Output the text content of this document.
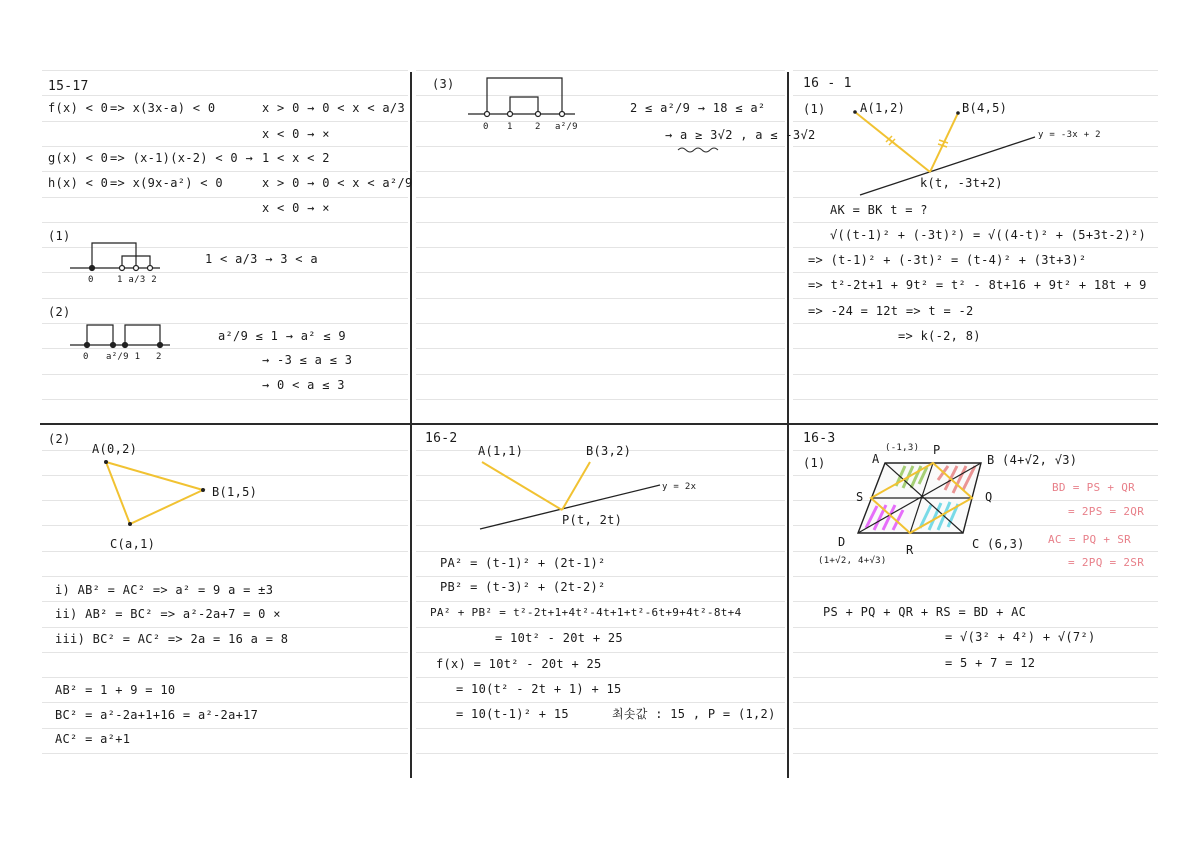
15-17
f(x) < 0 => x(3x-a) < 0	x > 0 → 0 < x < a/3
x < 0 → ×
g(x) < 0 => (x-1)(x-2) < 0 → 1 < x < 2
h(x) < 0 => x(9x-a²) < 0	x > 0 → 0 < x < a²/9
x < 0 → ×
(1)
0	1 a/3 2
1 < a/3 → 3 < a
(2)
0 a²/9 1 2
a²/9 ≤ 1 → a² ≤ 9
→ -3 ≤ a ≤ 3
→ 0 < a ≤ 3
(3)
0 1 2 a²/9
2 ≤ a²/9 → 18 ≤ a²
→ a ≥ 3√2 , a ≤ -3√2
16 - 1
(1)	A(1,2)	B(4,5)
y = -3x + 2
k(t, -3t+2)
AK = BK t = ?
√((t-1)² + (-3t)²) = √((4-t)² + (5+3t-2)²)
=> (t-1)² + (-3t)² = (t-4)² + (3t+3)²
=> t²-2t+1 + 9t² = t² - 8t+16 + 9t² + 18t + 9
=> -24 = 12t => t = -2
=> k(-2, 8)
(2)
A(0,2)
B(1,5)
C(a,1)
i) AB² = AC² => a² = 9 a = ±3
ii) AB² = BC² => a²-2a+7 = 0 ×
iii) BC² = AC² => 2a = 16 a = 8
AB² = 1 + 9 = 10
BC² = a²-2a+1+16 = a²-2a+17
AC² = a²+1
16-2
A(1,1)	B(3,2)
y = 2x
P(t, 2t)
PA² = (t-1)² + (2t-1)²
PB² = (t-3)² + (2t-2)²
PA² + PB² = t²-2t+1+4t²-4t+1+t²-6t+9+4t²-8t+4
= 10t² - 20t + 25
f(x) = 10t² - 20t + 25
= 10(t² - 2t + 1) + 15
= 10(t-1)² + 15	최솟값 : 15 , P = (1,2)
16-3
(1)	A
(-1,3) P
B (4+√2, √3)
S	Q
D
(1+√2, 4+√3)
R	C (6,3)
BD = PS + QR
= 2PS = 2QR
AC = PQ + SR
= 2PQ = 2SR
PS + PQ + QR + RS = BD + AC
= √(3² + 4²) + √(7²)
= 5 + 7 = 12
